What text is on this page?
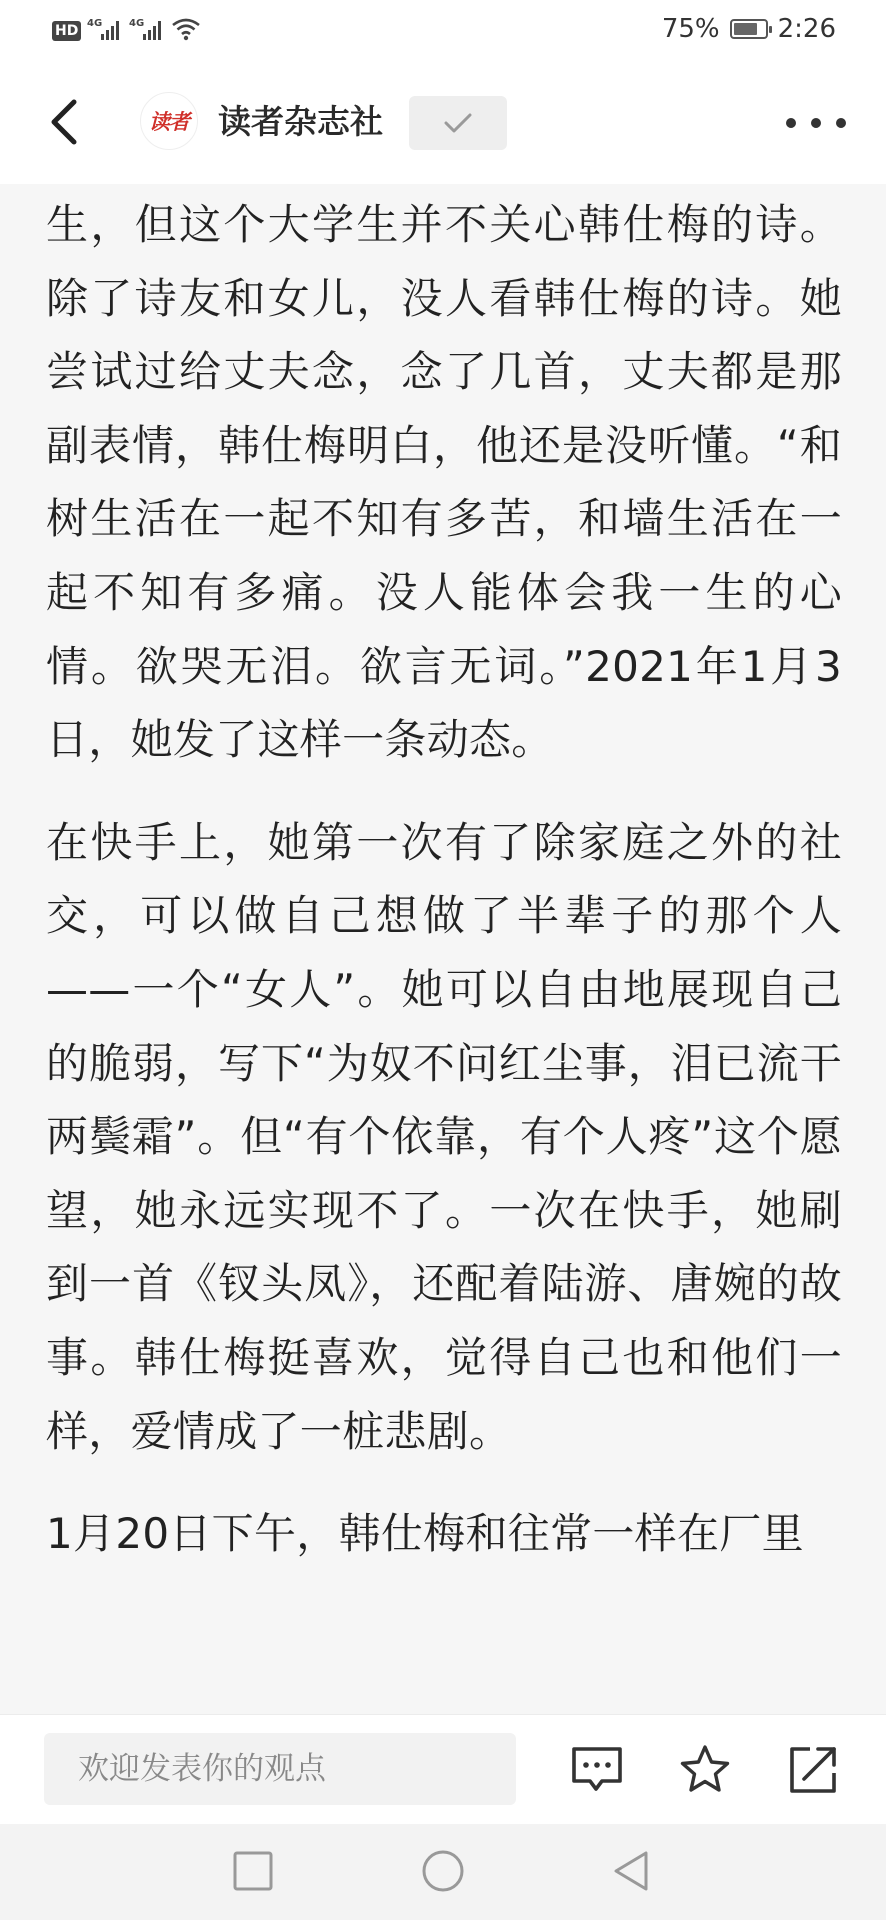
HD 4G	4G	75% 2:26
读者 读者杂志社

生，但这个大学生并不关心韩仕梅的诗。除了诗友和女儿，没人看韩仕梅的诗。她尝试过给丈夫念，念了几首，丈夫都是那副表情，韩仕梅明白，他还是没听懂。“和树生活在一起不知有多苦，和墙生活在一起不知有多痛。没人能体会我一生的心情。欲哭无泪。欲言无词。”2021年1月3日，她发了这样一条动态。

在快手上，她第一次有了除家庭之外的社交，可以做自己想做了半辈子的那个人——一个“女人”。她可以自由地展现自己的脆弱，写下“为奴不问红尘事，泪已流干两鬓霜”。但“有个依靠，有个人疼”这个愿望，她永远实现不了。一次在快手，她刷到一首《钗头凤》，还配着陆游、唐婉的故事。韩仕梅挺喜欢，觉得自己也和他们一样，爱情成了一桩悲剧。

1月20日下午，韩仕梅和往常一样在厂里

欢迎发表你的观点
